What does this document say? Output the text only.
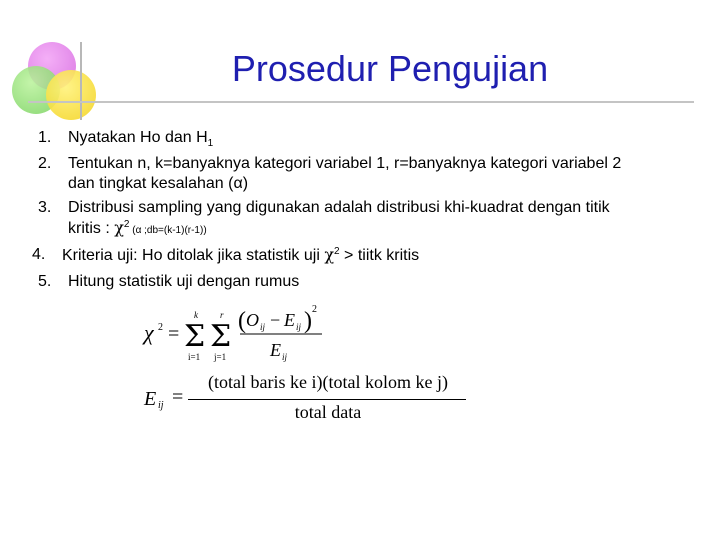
Prosedur Pengujian
1. Nyatakan Ho dan $H_1$
2. Tentukan n, k=banyaknya kategori variabel 1, r=banyaknya kategori variabel 2
dan tingkat kesalahan (α)
3. Distribusi sampling yang digunakan adalah distribusi khi-kuadrat dengan titik
kritis : $\chi^2$ (α ;db=(k-1)(r-1))
4. Kriteria uji: Ho ditolak jika statistik uji $\chi^2$ > tiitk kritis
5. Hitung statistik uji dengan rumus
χ 2 = Σ
k
i=1
Σ
r
j=1
( O ij − E ij ) 2
E ij
E ij =
(total baris ke i)(total kolom ke j)
total data
